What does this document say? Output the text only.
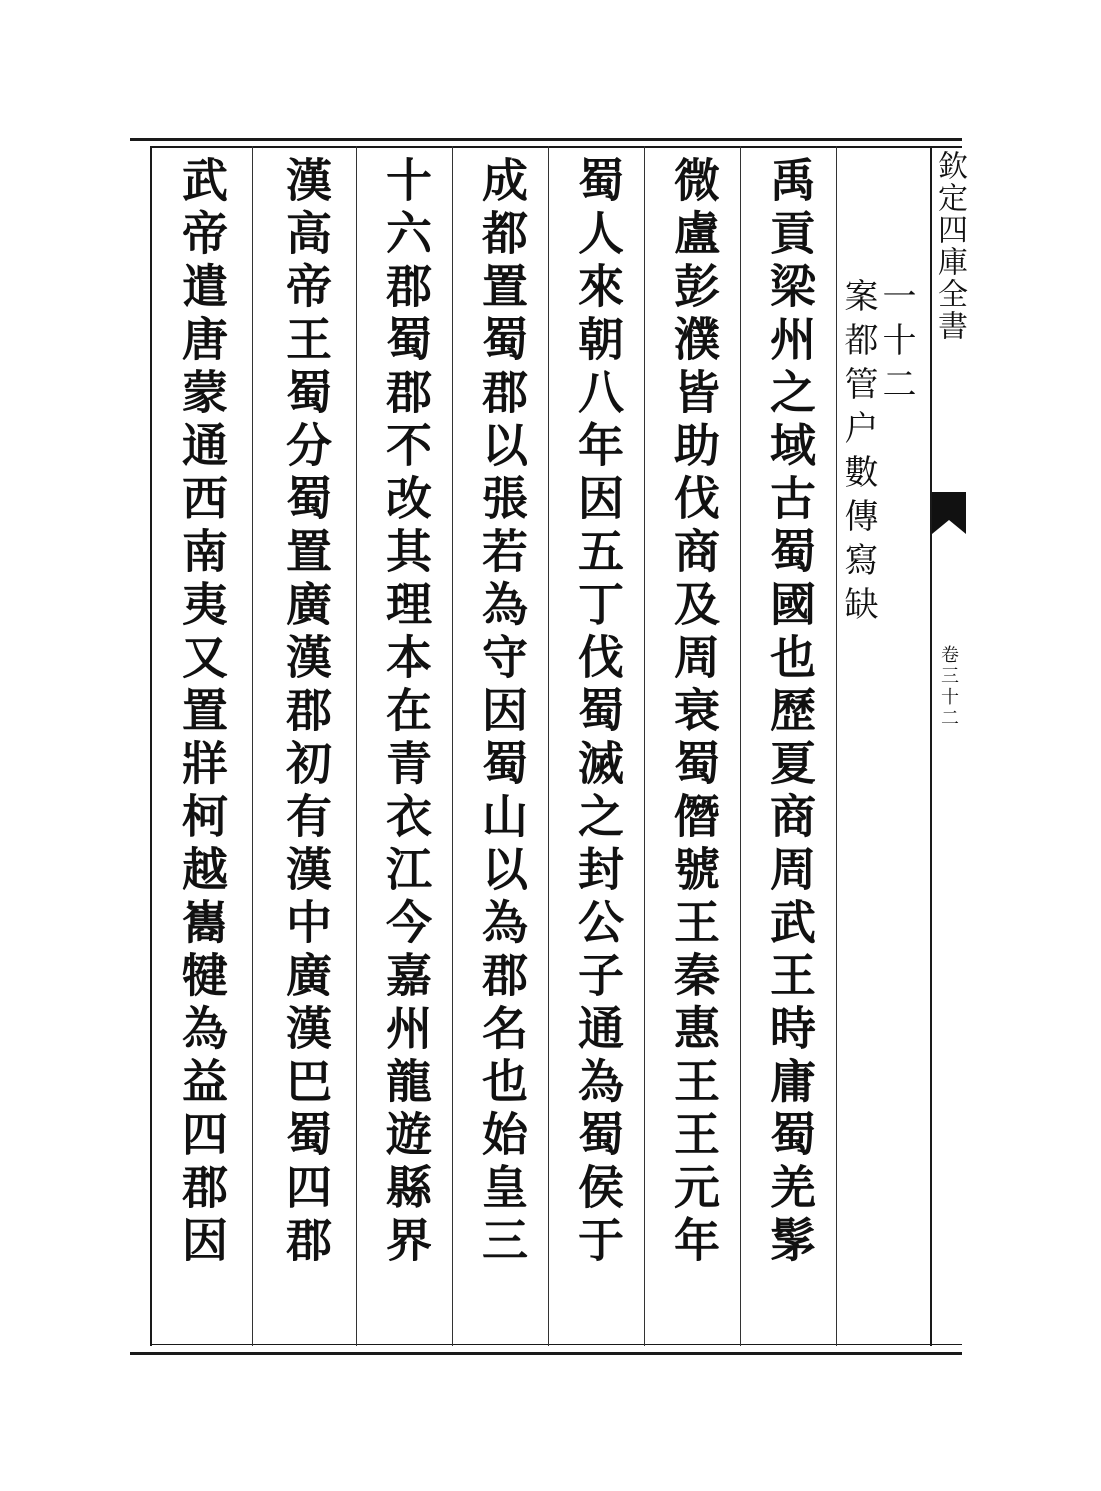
欽定四庫全書
卷三十二
一十二
案都管户數傳寫缺
禹貢梁州之域古蜀國也歷夏商周武王時庸蜀羌髳
微盧彭濮皆助伐商及周衰蜀僭號王秦惠王王元年
蜀人來朝八年因五丁伐蜀滅之封公子通為蜀侯于
成都置蜀郡以張若為守因蜀山以為郡名也始皇三
十六郡蜀郡不改其理本在青衣江今嘉州龍遊縣界
漢高帝王蜀分蜀置廣漢郡初有漢中廣漢巴蜀四郡
武帝遣唐蒙通西南夷又置牂柯越巂犍為益四郡因
